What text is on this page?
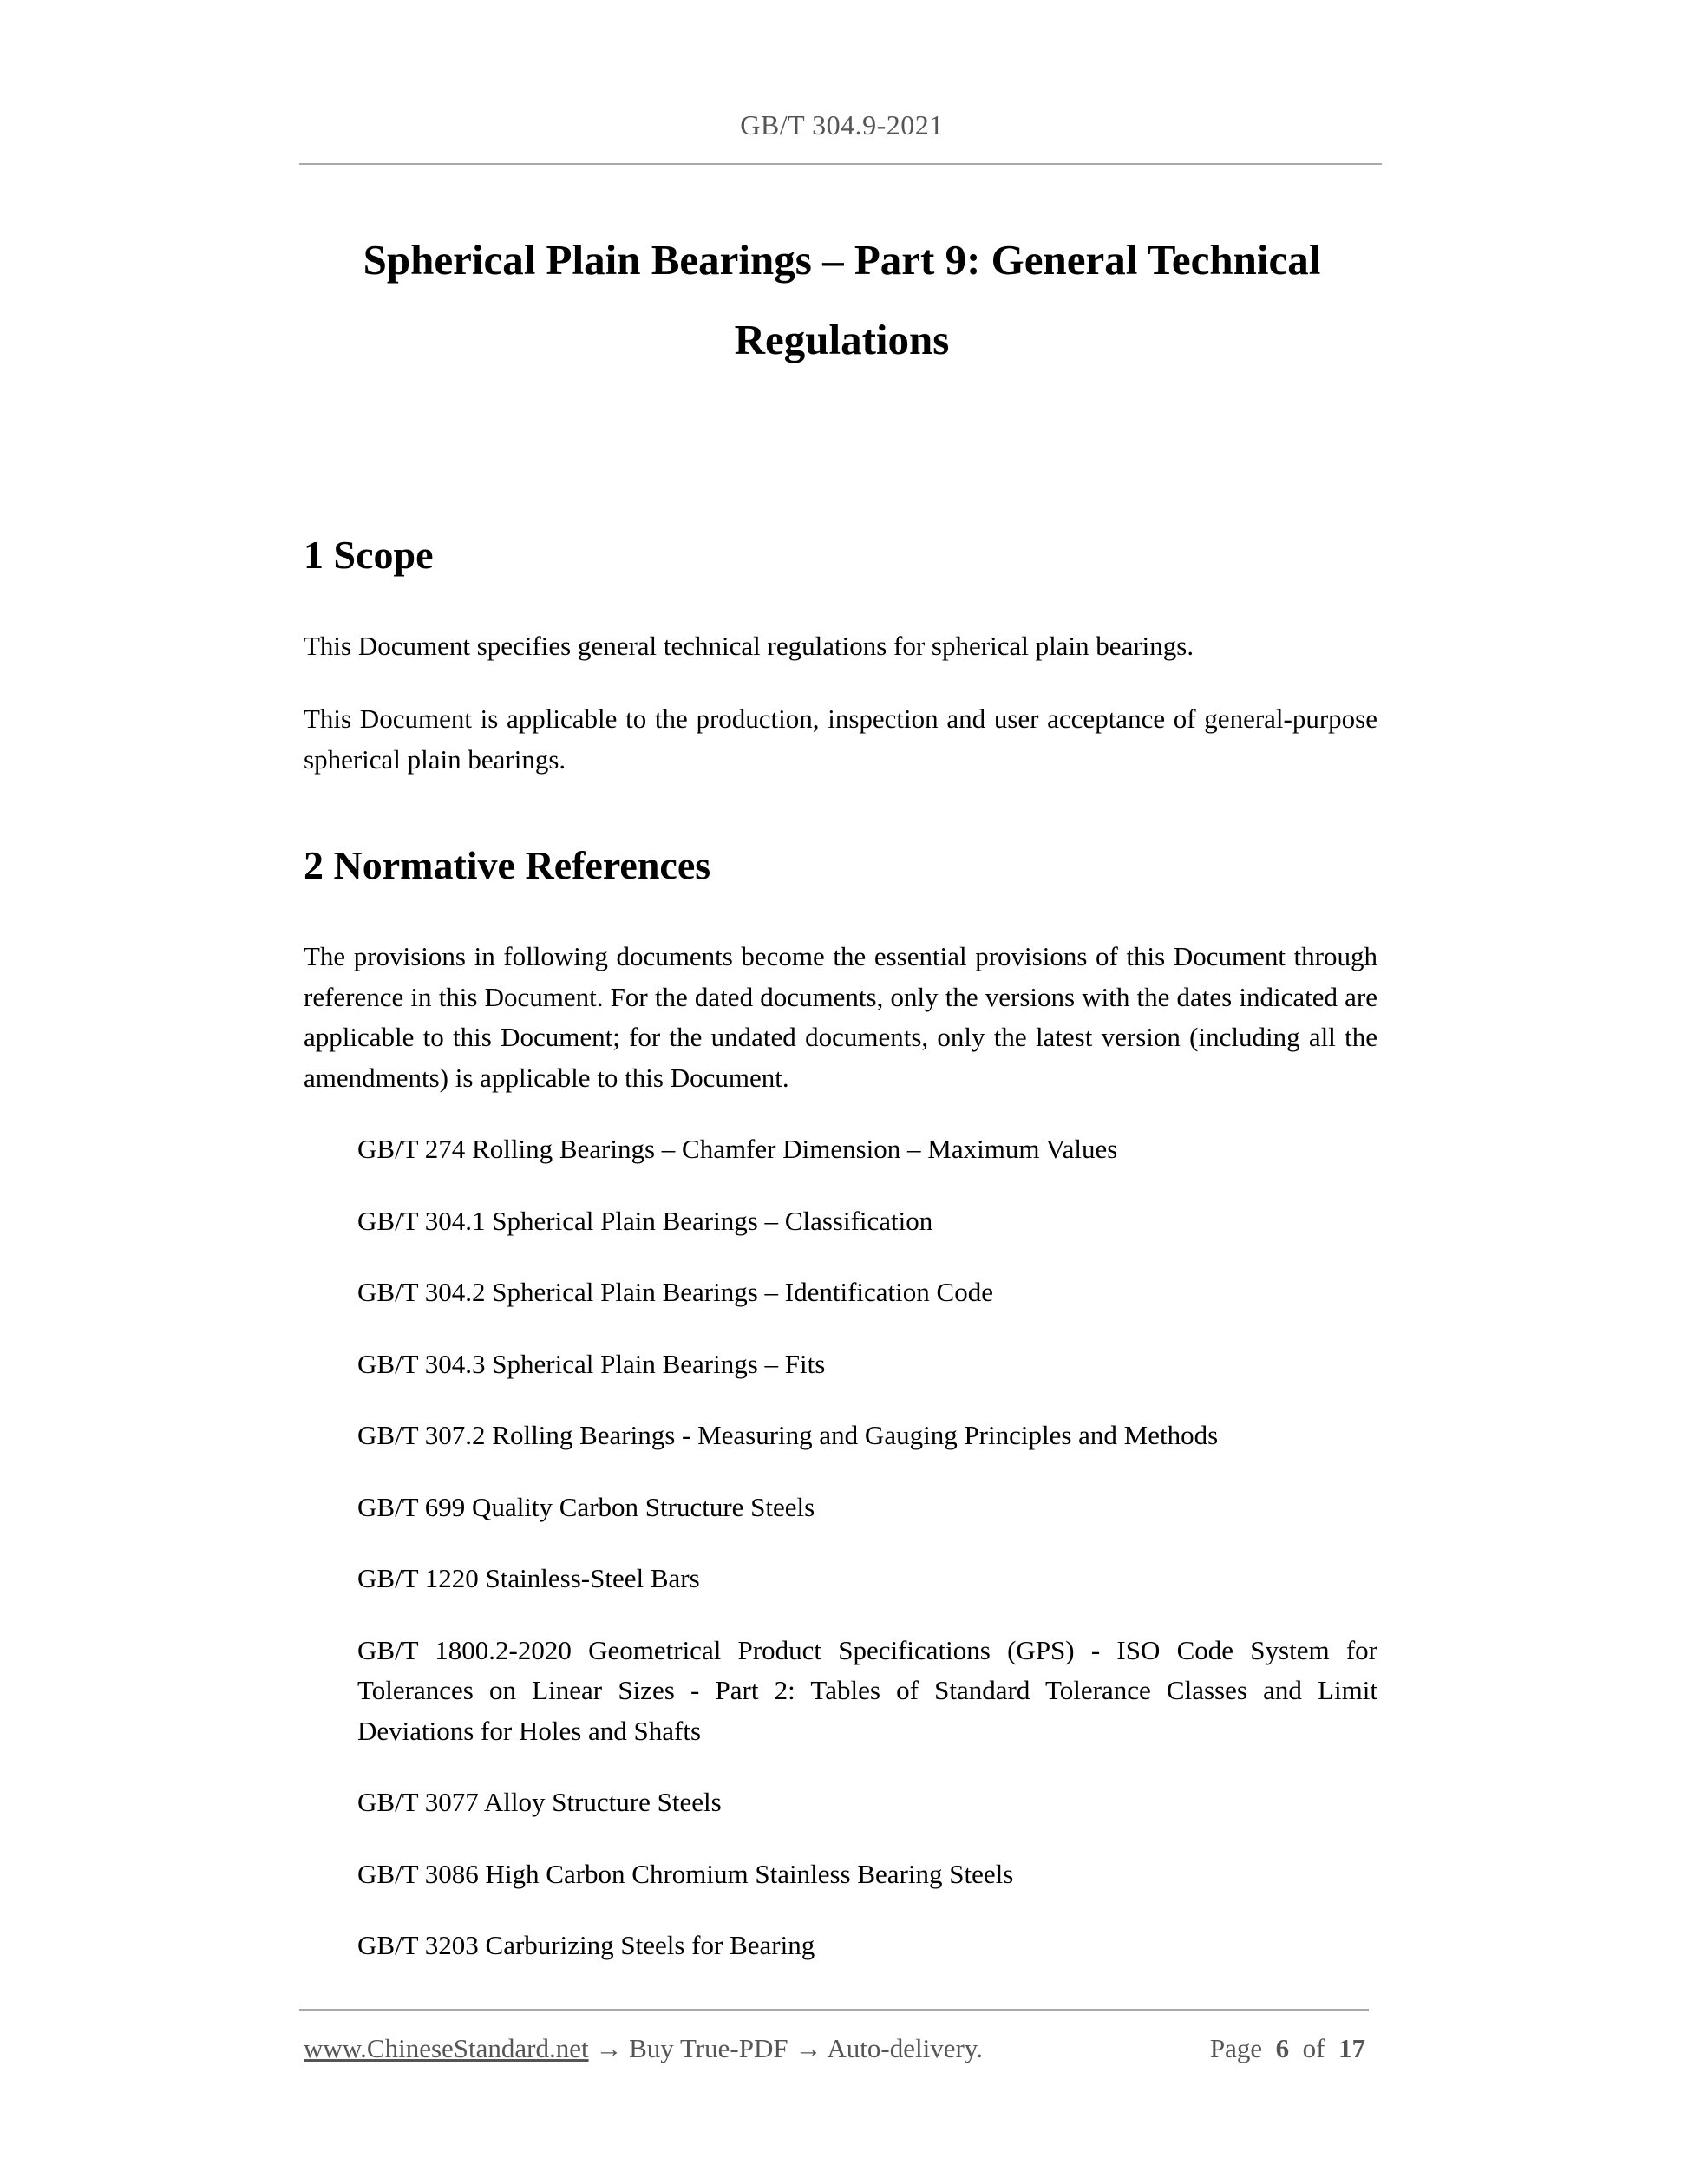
GB/T 304.9-2021
Spherical Plain Bearings – Part 9: General Technical
Regulations
1 Scope

This Document specifies general technical regulations for spherical plain bearings.

This Document is applicable to the production, inspection and user acceptance of general-purpose spherical plain bearings.

2 Normative References

The provisions in following documents become the essential provisions of this Document through reference in this Document. For the dated documents, only the versions with the dates indicated are applicable to this Document; for the undated documents, only the latest version (including all the amendments) is applicable to this Document.

GB/T 274 Rolling Bearings – Chamfer Dimension – Maximum Values
GB/T 304.1 Spherical Plain Bearings – Classification
GB/T 304.2 Spherical Plain Bearings – Identification Code
GB/T 304.3 Spherical Plain Bearings – Fits
GB/T 307.2 Rolling Bearings - Measuring and Gauging Principles and Methods
GB/T 699 Quality Carbon Structure Steels
GB/T 1220 Stainless-Steel Bars
GB/T 1800.2-2020 Geometrical Product Specifications (GPS) - ISO Code System for Tolerances on Linear Sizes - Part 2: Tables of Standard Tolerance Classes and Limit Deviations for Holes and Shafts
GB/T 3077 Alloy Structure Steels
GB/T 3086 High Carbon Chromium Stainless Bearing Steels
GB/T 3203 Carburizing Steels for Bearing
www.ChineseStandard.net → Buy True-PDF → Auto-delivery.	Page 6 of 17
